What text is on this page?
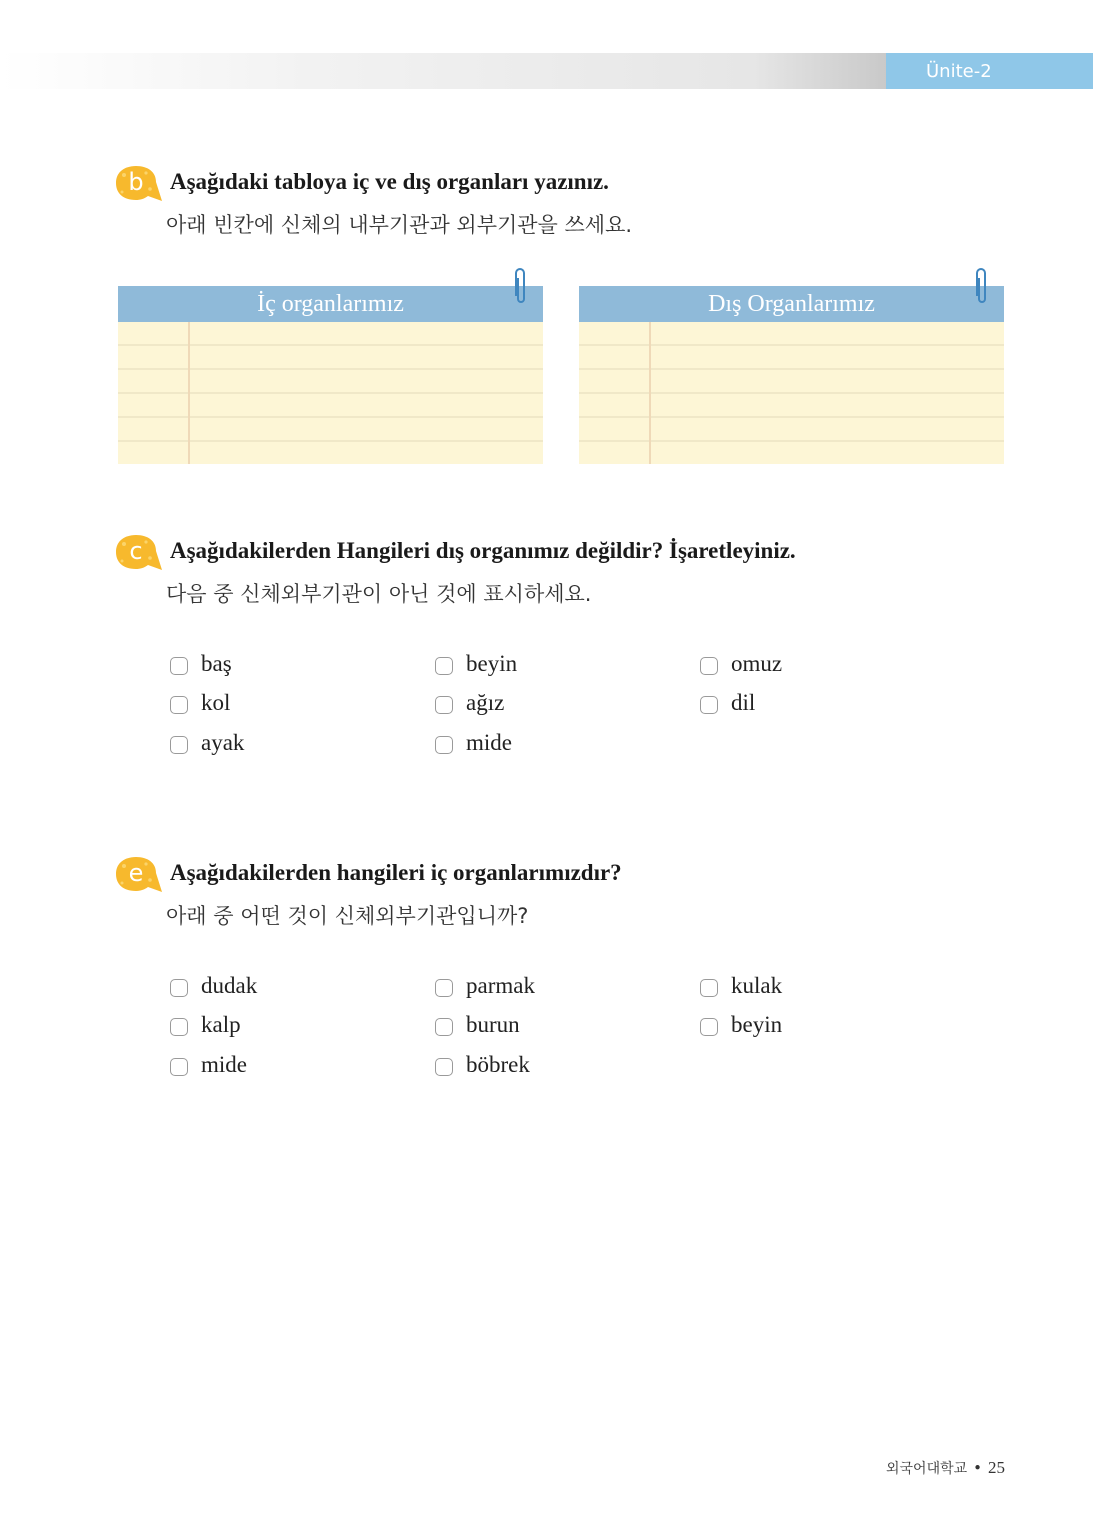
Ünite-2
b	Aşağıdaki tabloya iç ve dış organları yazınız.
아래 빈칸에 신체의 내부기관과 외부기관을 쓰세요.
İç organlarımız	Dış Organlarımız
c	Aşağıdakilerden Hangileri dış organımız değildir? İşaretleyiniz.
다음 중 신체외부기관이 아닌 것에 표시하세요.
baş	beyin	omuz
kol	ağız	dil
ayak	mide
e	Aşağıdakilerden hangileri iç organlarımızdır?
아래 중 어떤 것이 신체외부기관입니까?
dudak	parmak	kulak
kalp	burun	beyin
mide	böbrek
외국어대학교 • 25
